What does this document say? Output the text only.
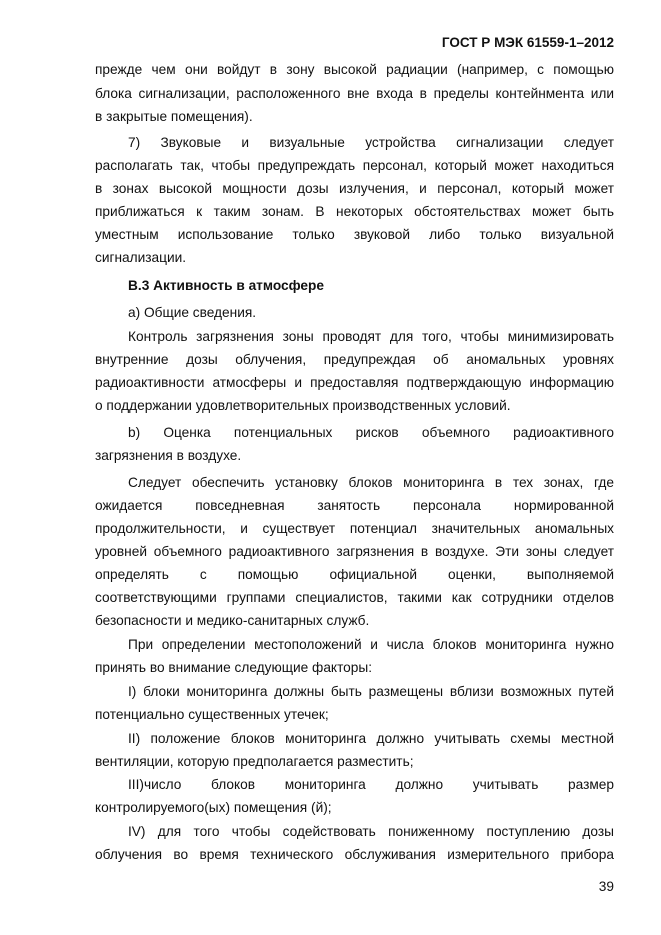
ГОСТ Р МЭК 61559-1–2012
прежде чем они войдут в зону высокой радиации (например, с помощью
блока сигнализации, расположенного вне входа в пределы контейнмента или
в закрытые помещения).
7) Звуковые и визуальные устройства сигнализации следует
располагать так, чтобы предупреждать персонал, который может находиться
в зонах высокой мощности дозы излучения, и персонал, который может
приближаться к таким зонам. В некоторых обстоятельствах может быть
уместным использование только звуковой либо только визуальной
сигнализации.
В.3 Активность в атмосфере
а) Общие сведения.
Контроль загрязнения зоны проводят для того, чтобы минимизировать
внутренние дозы облучения, предупреждая об аномальных уровнях
радиоактивности атмосферы и предоставляя подтверждающую информацию
о поддержании удовлетворительных производственных условий.
b) Оценка потенциальных рисков объемного радиоактивного
загрязнения в воздухе.
Следует обеспечить установку блоков мониторинга в тех зонах, где
ожидается повседневная занятость персонала нормированной
продолжительности, и существует потенциал значительных аномальных
уровней объемного радиоактивного загрязнения в воздухе. Эти зоны следует
определять с помощью официальной оценки, выполняемой
соответствующими группами специалистов, такими как сотрудники отделов
безопасности и медико-санитарных служб.
При определении местоположений и числа блоков мониторинга нужно
принять во внимание следующие факторы:
I) блоки мониторинга должны быть размещены вблизи возможных путей
потенциально существенных утечек;
II) положение блоков мониторинга должно учитывать схемы местной
вентиляции, которую предполагается разместить;
III)число блоков мониторинга должно учитывать размер
контролируемого(ых) помещения (й);
IV) для того чтобы содействовать пониженному поступлению дозы
облучения во время технического обслуживания измерительного прибора
39
